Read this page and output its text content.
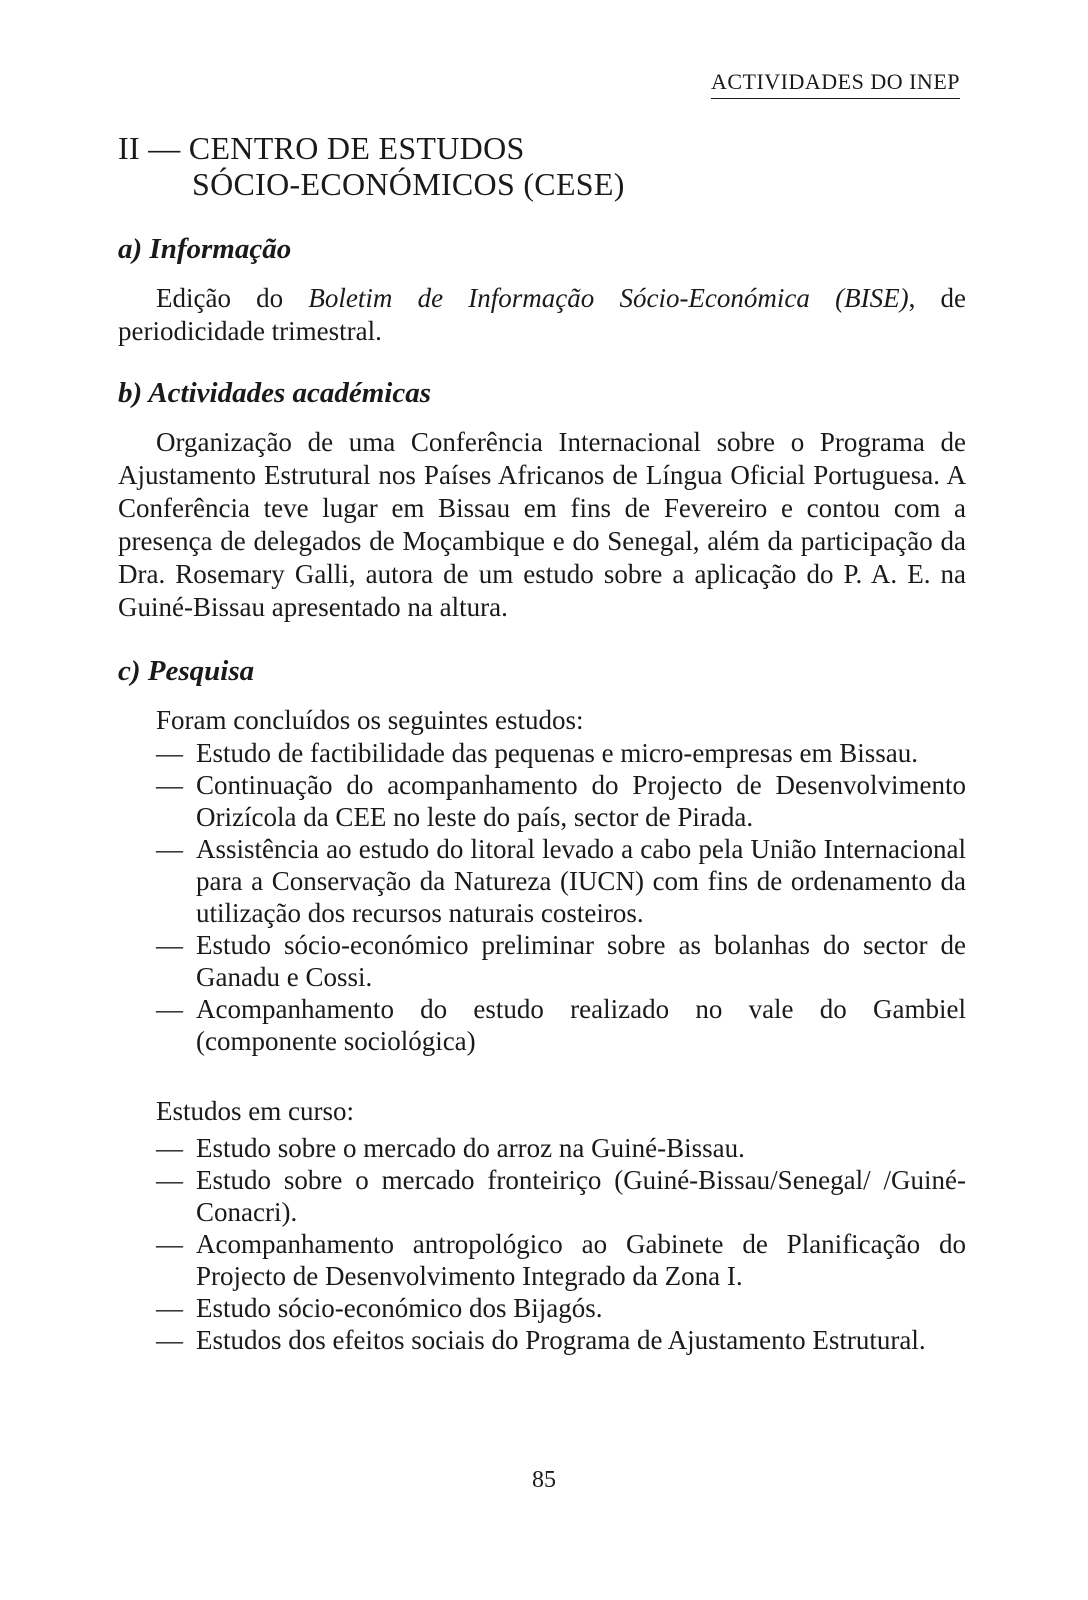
ACTIVIDADES DO INEP
II — CENTRO DE ESTUDOS
SÓCIO-ECONÓMICOS (CESE)
a) Informação

Edição do Boletim de Informação Sócio-Económica (BISE), de periodicidade trimestral.

b) Actividades académicas

Organização de uma Conferência Internacional sobre o Programa de Ajustamento Estrutural nos Países Africanos de Língua Oficial Portuguesa. A Conferência teve lugar em Bissau em fins de Fevereiro e contou com a presença de delegados de Moçambique e do Senegal, além da participação da Dra. Rosemary Galli, autora de um estudo sobre a aplicação do P. A. E. na Guiné-Bissau apresentado na altura.

c) Pesquisa

Foram concluídos os seguintes estudos:

— Estudo de factibilidade das pequenas e micro-empresas em Bissau.
— Continuação do acompanhamento do Projecto de Desenvolvimento Orizícola da CEE no leste do país, sector de Pirada.
— Assistência ao estudo do litoral levado a cabo pela União Internacional para a Conservação da Natureza (IUCN) com fins de ordenamento da utilização dos recursos naturais costeiros.
— Estudo sócio-económico preliminar sobre as bolanhas do sector de Ganadu e Cossi.
— Acompanhamento do estudo realizado no vale do Gambiel (componente sociológica)

Estudos em curso:

— Estudo sobre o mercado do arroz na Guiné-Bissau.
— Estudo sobre o mercado fronteiriço (Guiné-Bissau/Senegal/ /Guiné-Conacri).
— Acompanhamento antropológico ao Gabinete de Planificação do Projecto de Desenvolvimento Integrado da Zona I.
— Estudo sócio-económico dos Bijagós.
— Estudos dos efeitos sociais do Programa de Ajustamento Estrutural.
85
